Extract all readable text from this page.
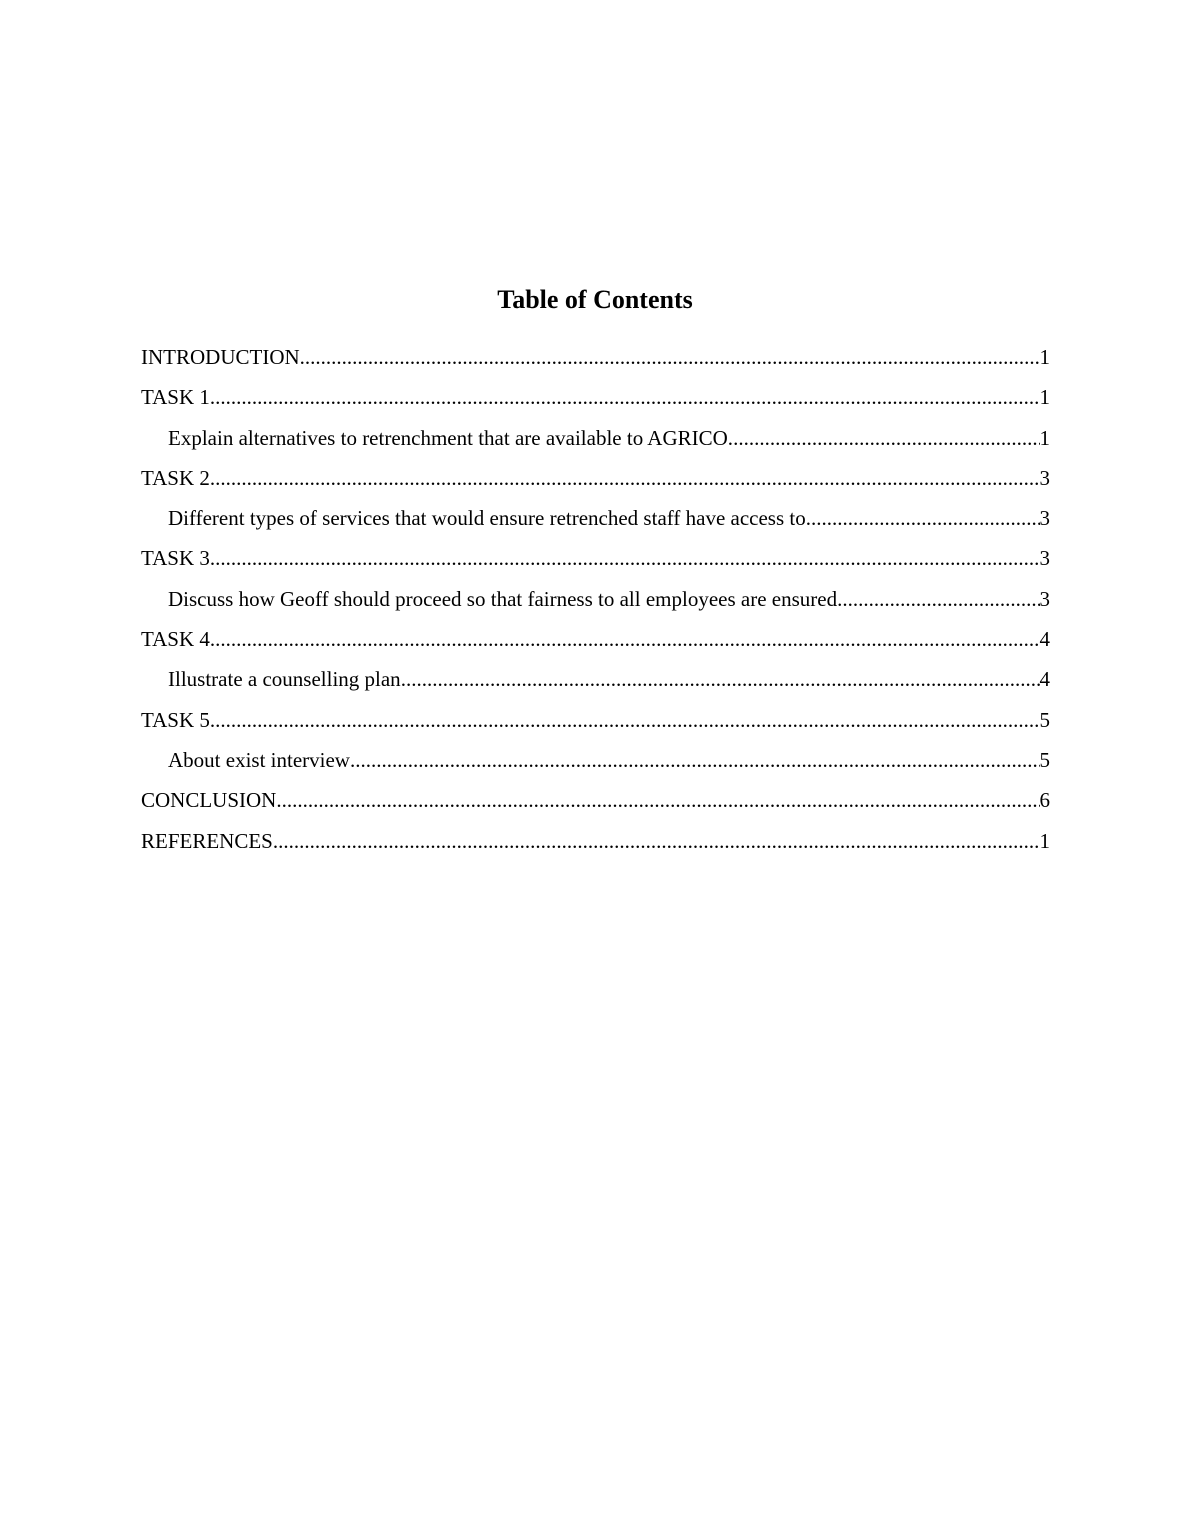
Table of Contents
INTRODUCTION .....	1
TASK 1 .....	1
Explain alternatives to retrenchment that are available to AGRICO. .....	1
TASK 2 .....	3
Different types of services that would ensure retrenched staff have access to. .....	3
TASK 3 .....	3
Discuss how Geoff should proceed so that fairness to all employees are ensured. .....	3
TASK 4 .....	4
Illustrate a counselling plan .....	4
TASK 5 .....	5
About exist interview .....	5
CONCLUSION .....	6
REFERENCES .....	1
